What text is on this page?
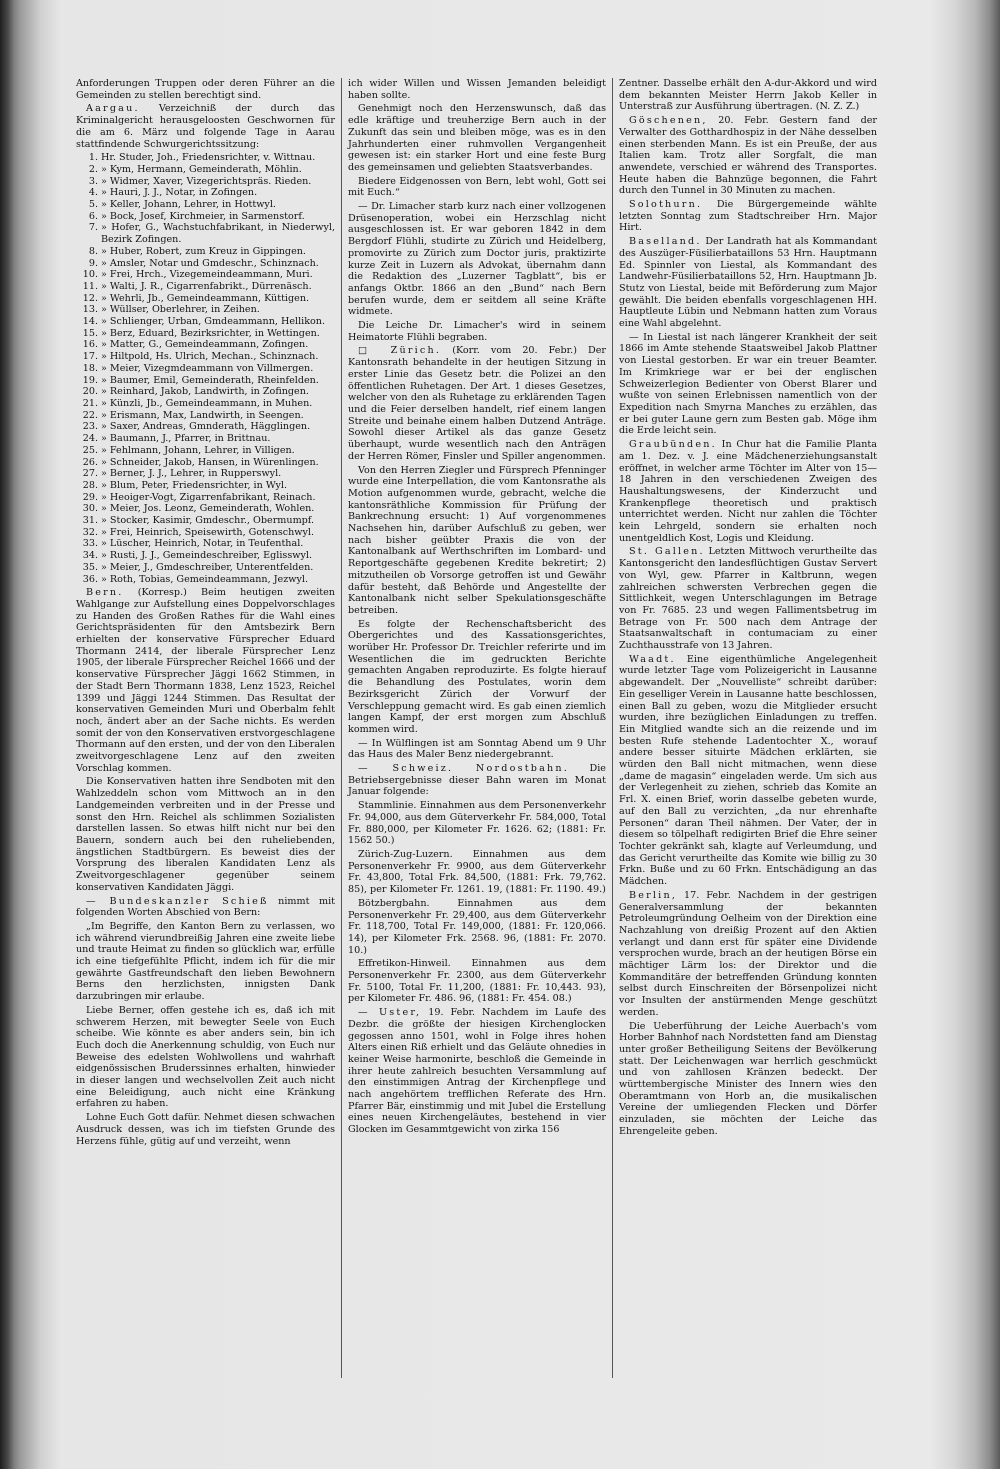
Anforderungen Truppen oder deren Führer an die Gemeinden zu stellen berechtigt sind.

Aargau. Verzeichniß der durch das Kriminalgericht herausgeloosten Geschwornen für die am 6. März und folgende Tage in Aarau stattfindende Schwurgerichtssitzung:

1. Hr. Studer, Joh., Friedensrichter, v. Wittnau.
2. » Kym, Hermann, Gemeinderath, Möhlin.
3. » Widmer, Xaver, Vizegerichtspräs. Rieden.
4. » Hauri, J. J., Notar, in Zofingen.
5. » Keller, Johann, Lehrer, in Hottwyl.
6. » Bock, Josef, Kirchmeier, in Sarmenstorf.
7. » Hofer, G., Wachstuchfabrikant, in Niederwyl, Bezirk Zofingen.
8. » Huber, Robert, zum Kreuz in Gippingen.
9. » Amsler, Notar und Gmdeschr., Schinznach.
10. » Frei, Hrch., Vizegemeindeammann, Muri.
11. » Walti, J. R., Cigarrenfabrikt., Dürrenäsch.
12. » Wehrli, Jb., Gemeindeammann, Küttigen.
13. » Wüllser, Oberlehrer, in Zeihen.
14. » Schlienger, Urban, Gmdeammann, Hellikon.
15. » Berz, Eduard, Bezirksrichter, in Wettingen.
16. » Matter, G., Gemeindeammann, Zofingen.
17. » Hiltpold, Hs. Ulrich, Mechan., Schinznach.
18. » Meier, Vizegmdeammann von Villmergen.
19. » Baumer, Emil, Gemeinderath, Rheinfelden.
20. » Reinhard, Jakob, Landwirth, in Zofingen.
21. » Künzli, Jb., Gemeindeammann, in Muhen.
22. » Erismann, Max, Landwirth, in Seengen.
23. » Saxer, Andreas, Gmnderath, Hägglingen.
24. » Baumann, J., Pfarrer, in Brittnau.
25. » Fehlmann, Johann, Lehrer, in Villigen.
26. » Schneider, Jakob, Hansen, in Würenlingen.
27. » Berner, J. J., Lehrer, in Rupperswyl.
28. » Blum, Peter, Friedensrichter, in Wyl.
29. » Heoiger-Vogt, Zigarrenfabrikant, Reinach.
30. » Meier, Jos. Leonz, Gemeinderath, Wohlen.
31. » Stocker, Kasimir, Gmdeschr., Obermumpf.
32. » Frei, Heinrich, Speisewirth, Gotenschwyl.
33. » Lüscher, Heinrich, Notar, in Teufenthal.
34. » Rusti, J. J., Gemeindeschreiber, Eglisswyl.
35. » Meier, J., Gmdeschreiber, Unterentfelden.
36. » Roth, Tobias, Gemeindeammann, Jezwyl.

Bern. (Korresp.) Beim heutigen zweiten Wahlgange zur Aufstellung eines Doppelvorschlages zu Handen des Großen Rathes für die Wahl eines Gerichtspräsidenten für den Amtsbezirk Bern erhielten der konservative Fürsprecher Eduard Thormann 2414, der liberale Fürsprecher Lenz 1905, der liberale Fürsprecher Reichel 1666 und der konservative Fürsprecher Jäggi 1662 Stimmen, in der Stadt Bern Thormann 1838, Lenz 1523, Reichel 1399 und Jäggi 1244 Stimmen. Das Resultat der konservativen Gemeinden Muri und Oberbalm fehlt noch, ändert aber an der Sache nichts. Es werden somit der von den Konservativen erstvorgeschlagene Thormann auf den ersten, und der von den Liberalen zweitvorgeschlagene Lenz auf den zweiten Vorschlag kommen.

Die Konservativen hatten ihre Sendboten mit den Wahlzeddeln schon vom Mittwoch an in den Landgemeinden verbreiten und in der Presse und sonst den Hrn. Reichel als schlimmen Sozialisten darstellen lassen. So etwas hilft nicht nur bei den Bauern, sondern auch bei den ruheliebenden, ängstlichen Stadtbürgern. Es beweist dies der Vorsprung des liberalen Kandidaten Lenz als Zweitvorgeschlagener gegenüber seinem konservativen Kandidaten Jäggi.

— Bundeskanzler Schieß nimmt mit folgenden Worten Abschied von Bern:

„Im Begriffe, den Kanton Bern zu verlassen, wo ich während vierundbreißig Jahren eine zweite liebe und traute Heimat zu finden so glücklich war, erfülle ich eine tiefgefühlte Pflicht, indem ich für die mir gewährte Gastfreundschaft den lieben Bewohnern Berns den herzlichsten, innigsten Dank darzubringen mir erlaube.

Liebe Berner, offen gestehe ich es, daß ich mit schwerem Herzen, mit bewegter Seele von Euch scheibe. Wie könnte es aber anders sein, bin ich Euch doch die Anerkennung schuldig, von Euch nur Beweise des edelsten Wohlwollens und wahrhaft eidgenössischen Bruderssinnes erhalten, hinwieder in dieser langen und wechselvollen Zeit auch nicht eine Beleidigung, auch nicht eine Kränkung erfahren zu haben.

Lohne Euch Gott dafür. Nehmet diesen schwachen Ausdruck dessen, was ich im tiefsten Grunde des Herzens fühle, gütig auf und verzeiht, wenn

ich wider Willen und Wissen Jemanden beleidigt haben sollte.

Genehmigt noch den Herzenswunsch, daß das edle kräftige und treuherzige Bern auch in der Zukunft das sein und bleiben möge, was es in den Jahrhunderten einer ruhmvollen Vergangenheit gewesen ist: ein starker Hort und eine feste Burg des gemeinsamen und geliebten Staatsverbandes.

Biedere Eidgenossen von Bern, lebt wohl, Gott sei mit Euch.“

— Dr. Limacher starb kurz nach einer vollzogenen Drüsenoperation, wobei ein Herzschlag nicht ausgeschlossen ist. Er war geboren 1842 in dem Bergdorf Flühli, studirte zu Zürich und Heidelberg, promovirte zu Zürich zum Doctor juris, praktizirte kurze Zeit in Luzern als Advokat, übernahm dann die Redaktion des „Luzerner Tagblatt“, bis er anfangs Oktbr. 1866 an den „Bund“ nach Bern berufen wurde, dem er seitdem all seine Kräfte widmete.

Die Leiche Dr. Limacher's wird in seinem Heimatorte Flühli begraben.

□ Zürich. (Korr. vom 20. Febr.) Der Kantonsrath behandelte in der heutigen Sitzung in erster Linie das Gesetz betr. die Polizei an den öffentlichen Ruhetagen. Der Art. 1 dieses Gesetzes, welcher von den als Ruhetage zu erklärenden Tagen und die Feier derselben handelt, rief einem langen Streite und beinahe einem halben Dutzend Anträge. Sowohl dieser Artikel als das ganze Gesetz überhaupt, wurde wesentlich nach den Anträgen der Herren Römer, Finsler und Spiller angenommen.

Von den Herren Ziegler und Fürsprech Pfenninger wurde eine Interpellation, die vom Kantonsrathe als Motion aufgenommen wurde, gebracht, welche die kantonsräthliche Kommission für Prüfung der Bankrechnung ersucht: 1) Auf vorgenommenes Nachsehen hin, darüber Aufschluß zu geben, wer nach bisher geübter Praxis die von der Kantonalbank auf Werthschriften im Lombard- und Reportgeschäfte gegebenen Kredite bekretirt; 2) mitzutheilen ob Vorsorge getroffen ist und Gewähr dafür besteht, daß Behörde und Angestellte der Kantonalbank nicht selber Spekulationsgeschäfte betreiben.

Es folgte der Rechenschaftsbericht des Obergerichtes und des Kassationsgerichtes, worüber Hr. Professor Dr. Treichler referirte und im Wesentlichen die im gedruckten Berichte gemachten Angaben reproduzirte. Es folgte hierauf die Behandlung des Postulates, worin dem Bezirksgericht Zürich der Vorwurf der Verschleppung gemacht wird. Es gab einen ziemlich langen Kampf, der erst morgen zum Abschluß kommen wird.

— In Wülflingen ist am Sonntag Abend um 9 Uhr das Haus des Maler Benz niedergebrannt.

— Schweiz. Nordostbahn. Die Betriebsergebnisse dieser Bahn waren im Monat Januar folgende:

Stammlinie. Einnahmen aus dem Personenverkehr Fr. 94,000, aus dem Güterverkehr Fr. 584,000, Total Fr. 880,000, per Kilometer Fr. 1626. 62; (1881: Fr. 1562 50.)

Zürich-Zug-Luzern. Einnahmen aus dem Personenverkehr Fr. 9900, aus dem Güterverkehr Fr. 43,800, Total Frk. 84,500, (1881: Frk. 79,762. 85), per Kilometer Fr. 1261. 19, (1881: Fr. 1190. 49.)

Bötzbergbahn. Einnahmen aus dem Personenverkehr Fr. 29,400, aus dem Güterverkehr Fr. 118,700, Total Fr. 149,000, (1881: Fr. 120,066. 14), per Kilometer Frk. 2568. 96, (1881: Fr. 2070. 10.)

Effretikon-Hinweil. Einnahmen aus dem Personenverkehr Fr. 2300, aus dem Güterverkehr Fr. 5100, Total Fr. 11,200, (1881: Fr. 10,443. 93), per Kilometer Fr. 486. 96, (1881: Fr. 454. 08.)

— Uster, 19. Febr. Nachdem im Laufe des Dezbr. die größte der hiesigen Kirchenglocken gegossen anno 1501, wohl in Folge ihres hohen Alters einen Riß erhielt und das Geläute ohnedies in keiner Weise harmonirte, beschloß die Gemeinde in ihrer heute zahlreich besuchten Versammlung auf den einstimmigen Antrag der Kirchenpflege und nach angehörtem trefflichen Referate des Hrn. Pfarrer Bär, einstimmig und mit Jubel die Erstellung eines neuen Kirchengeläutes, bestehend in vier Glocken im Gesammtgewicht von zirka 156

Zentner. Dasselbe erhält den A-dur-Akkord und wird dem bekannten Meister Herrn Jakob Keller in Unterstraß zur Ausführung übertragen. (N. Z. Z.)

Göschenen, 20. Febr. Gestern fand der Verwalter des Gotthardhospiz in der Nähe desselben einen sterbenden Mann. Es ist ein Preuße, der aus Italien kam. Trotz aller Sorgfalt, die man anwendete, verschied er während des Transportes. Heute haben die Bahnzüge begonnen, die Fahrt durch den Tunnel in 30 Minuten zu machen.

Solothurn. Die Bürgergemeinde wählte letzten Sonntag zum Stadtschreiber Hrn. Major Hirt.

Baselland. Der Landrath hat als Kommandant des Auszüger-Füsilierbataillons 53 Hrn. Hauptmann Ed. Spinnler von Liestal, als Kommandant des Landwehr-Füsilierbataillons 52, Hrn. Hauptmann Jb. Stutz von Liestal, beide mit Beförderung zum Major gewählt. Die beiden ebenfalls vorgeschlagenen HH. Hauptleute Lübin und Nebmann hatten zum Voraus eine Wahl abgelehnt.

— In Liestal ist nach längerer Krankheit der seit 1866 im Amte stehende Staatsweibel Jakob Plattner von Liestal gestorben. Er war ein treuer Beamter. Im Krimkriege war er bei der englischen Schweizerlegion Bedienter von Oberst Blarer und wußte von seinen Erlebnissen namentlich von der Expedition nach Smyrna Manches zu erzählen, das er bei guter Laune gern zum Besten gab. Möge ihm die Erde leicht sein.

Graubünden. In Chur hat die Familie Planta am 1. Dez. v. J. eine Mädchenerziehungsanstalt eröffnet, in welcher arme Töchter im Alter von 15—18 Jahren in den verschiedenen Zweigen des Haushaltungswesens, der Kinderzucht und Krankenpflege theoretisch und praktisch unterrichtet werden. Nicht nur zahlen die Töchter kein Lehrgeld, sondern sie erhalten noch unentgeldlich Kost, Logis und Kleidung.

St. Gallen. Letzten Mittwoch verurtheilte das Kantonsgericht den landesflüchtigen Gustav Servert von Wyl, gew. Pfarrer in Kaltbrunn, wegen zahlreichen schwersten Verbrechen gegen die Sittlichkeit, wegen Unterschlagungen im Betrage von Fr. 7685. 23 und wegen Fallimentsbetrug im Betrage von Fr. 500 nach dem Antrage der Staatsanwaltschaft in contumaciam zu einer Zuchthausstrafe von 13 Jahren.

Waadt. Eine eigenthümliche Angelegenheit wurde letzter Tage vom Polizeigericht in Lausanne abgewandelt. Der „Nouvelliste“ schreibt darüber: Ein geselliger Verein in Lausanne hatte beschlossen, einen Ball zu geben, wozu die Mitglieder ersucht wurden, ihre bezüglichen Einladungen zu treffen. Ein Mitglied wandte sich an die reizende und im besten Rufe stehende Ladentochter X., worauf andere besser situirte Mädchen erklärten, sie würden den Ball nicht mitmachen, wenn diese „dame de magasin“ eingeladen werde. Um sich aus der Verlegenheit zu ziehen, schrieb das Komite an Frl. X. einen Brief, worin dasselbe gebeten wurde, auf den Ball zu verzichten, „da nur ehrenhafte Personen“ daran Theil nähmen. Der Vater, der in diesem so tölpelhaft redigirten Brief die Ehre seiner Tochter gekränkt sah, klagte auf Verleumdung, und das Gericht verurtheilte das Komite wie billig zu 30 Frkn. Buße und zu 60 Frkn. Entschädigung an das Mädchen.

Berlin, 17. Febr. Nachdem in der gestrigen Generalversammlung der bekannten Petroleumgründung Oelheim von der Direktion eine Nachzahlung von dreißig Prozent auf den Aktien verlangt und dann erst für später eine Dividende versprochen wurde, brach an der heutigen Börse ein mächtiger Lärm los: der Direktor und die Kommanditäre der betreffenden Gründung konnten selbst durch Einschreiten der Börsenpolizei nicht vor Insulten der anstürmenden Menge geschützt werden.

Die Ueberführung der Leiche Auerbach's vom Horber Bahnhof nach Nordstetten fand am Dienstag unter großer Betheiligung Seitens der Bevölkerung statt. Der Leichenwagen war herrlich geschmückt und von zahllosen Kränzen bedeckt. Der württembergische Minister des Innern wies den Oberamtmann von Horb an, die musikalischen Vereine der umliegenden Flecken und Dörfer einzuladen, sie möchten der Leiche das Ehrengeleite geben.
